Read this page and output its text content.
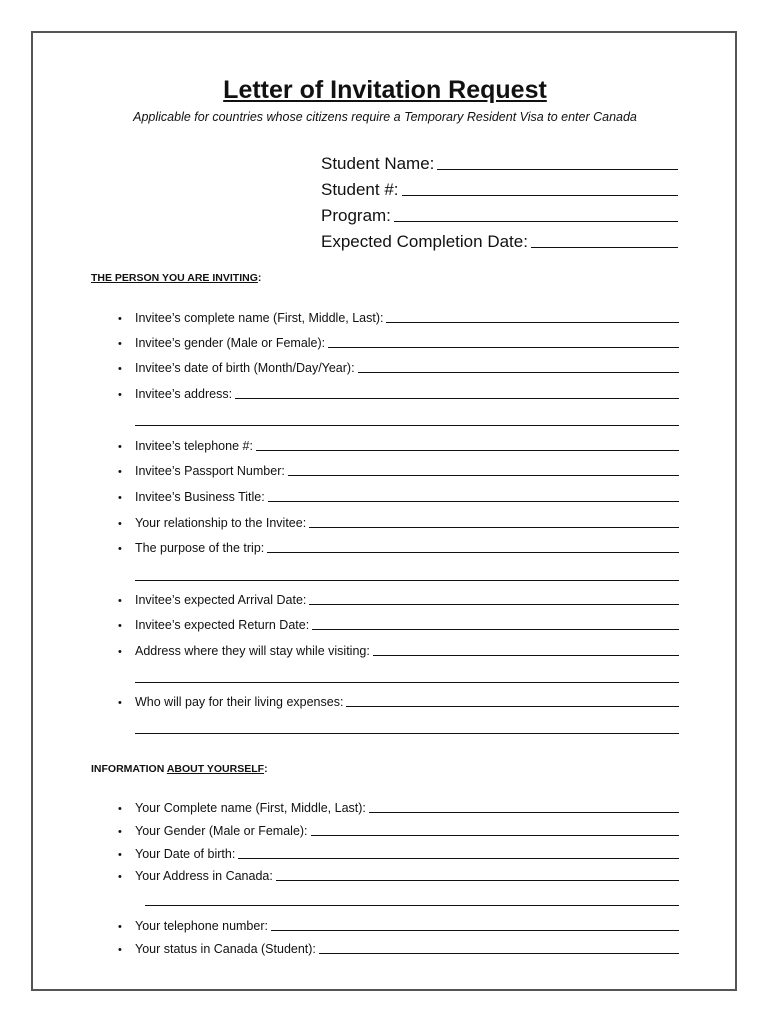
Letter of Invitation Request
Applicable for countries whose citizens require a Temporary Resident Visa to enter Canada
Student Name:
Student #:
Program:
Expected Completion Date:
THE PERSON YOU ARE INVITING:
•	Invitee’s complete name (First, Middle, Last):
•	Invitee’s gender (Male or Female):
•	Invitee’s date of birth (Month/Day/Year):
•	Invitee’s address:
•	Invitee’s telephone #:
•	Invitee’s Passport Number:
•	Invitee’s Business Title:
•	Your relationship to the Invitee:
•	The purpose of the trip:
•	Invitee’s expected Arrival Date:
•	Invitee’s expected Return Date:
•	Address where they will stay while visiting:
•	Who will pay for their living expenses:
INFORMATION ABOUT YOURSELF:
•	Your Complete name (First, Middle, Last):
•	Your Gender (Male or Female):
•	Your Date of birth:
•	Your Address in Canada:
•	Your telephone number:
•	Your status in Canada (Student):
